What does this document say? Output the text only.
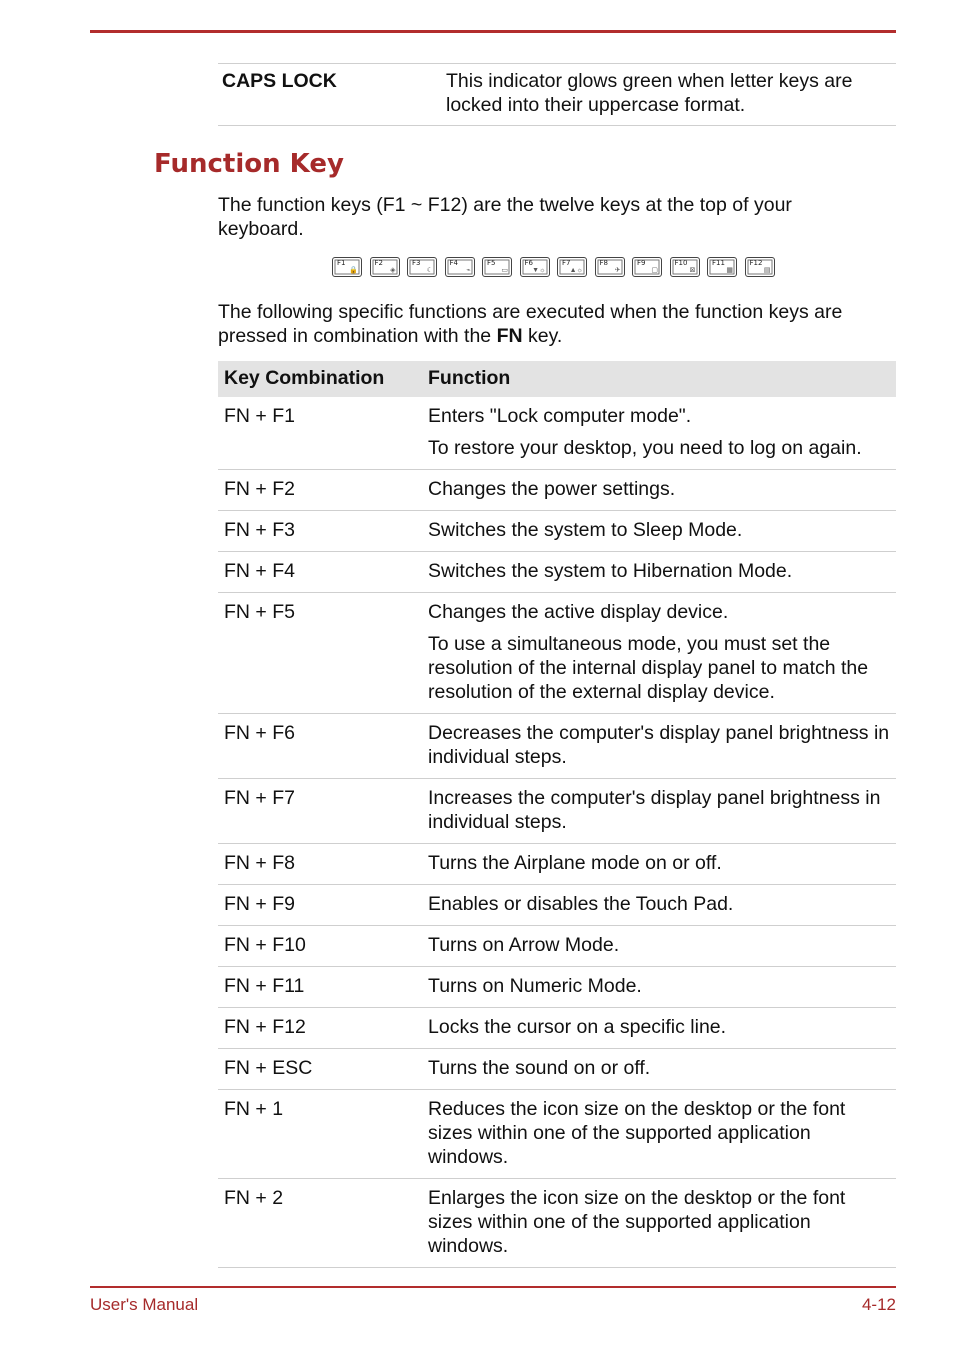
CAPS LOCK	This indicator glows green when letter keys are locked into their uppercase format.
Function Key

The function keys (F1 ~ F12) are the twelve keys at the top of your keyboard.

F1
🔒
F2
◈
F3
☾
F4
⌁
F5
▭
F6
▼☼
F7
▲☼
F8
✈
F9
▢
F10
⊠
F11
▦
F12
▤

The following specific functions are executed when the function keys are pressed in combination with the FN key.

Key Combination	Function
FN + F1	Enters "Lock computer mode".

To restore your desktop, you need to log on again.

FN + F2	Changes the power settings.

FN + F3	Switches the system to Sleep Mode.

FN + F4	Switches the system to Hibernation Mode.

FN + F5	Changes the active display device.

To use a simultaneous mode, you must set the resolution of the internal display panel to match the resolution of the external display device.

FN + F6	Decreases the computer's display panel brightness in individual steps.

FN + F7	Increases the computer's display panel brightness in individual steps.

FN + F8	Turns the Airplane mode on or off.

FN + F9	Enables or disables the Touch Pad.

FN + F10	Turns on Arrow Mode.

FN + F11	Turns on Numeric Mode.

FN + F12	Locks the cursor on a specific line.

FN + ESC	Turns the sound on or off.

FN + 1	Reduces the icon size on the desktop or the font sizes within one of the supported application windows.

FN + 2	Enlarges the icon size on the desktop or the font sizes within one of the supported application windows.

User's Manual	4-12
